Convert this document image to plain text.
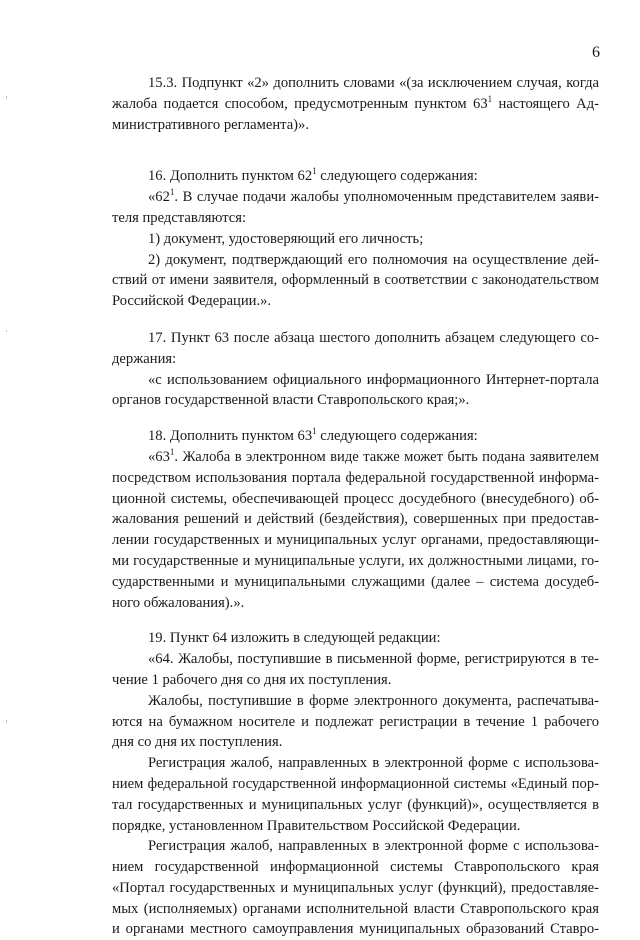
6
15.3. Подпункт «2» дополнить словами «(за исключением случая, когда
жалоба подается способом, предусмотренным пунктом $63^1$ настоящего Ад-
министративного регламента)».
16. Дополнить пунктом $62^1$ следующего содержания:
«$62^1$. В случае подачи жалобы уполномоченным представителем заяви-
теля представляются:
1) документ, удостоверяющий его личность;
2) документ, подтверждающий его полномочия на осуществление дей-
ствий от имени заявителя, оформленный в соответствии с законодательством
Российской Федерации.».
17. Пункт 63 после абзаца шестого дополнить абзацем следующего со-
держания:
«с использованием официального информационного Интернет-портала
органов государственной власти Ставропольского края;».
18. Дополнить пунктом $63^1$ следующего содержания:
«$63^1$. Жалоба в электронном виде также может быть подана заявителем
посредством использования портала федеральной государственной информа-
ционной системы, обеспечивающей процесс досудебного (внесудебного) об-
жалования решений и действий (бездействия), совершенных при предостав-
лении государственных и муниципальных услуг органами, предоставляющи-
ми государственные и муниципальные услуги, их должностными лицами, го-
сударственными и муниципальными служащими (далее – система досудеб-
ного обжалования).».
19. Пункт 64 изложить в следующей редакции:
«64. Жалобы, поступившие в письменной форме, регистрируются в те-
чение 1 рабочего дня со дня их поступления.
Жалобы, поступившие в форме электронного документа, распечатыва-
ются на бумажном носителе и подлежат регистрации в течение 1 рабочего
дня со дня их поступления.
Регистрация жалоб, направленных в электронной форме с использова-
нием федеральной государственной информационной системы «Единый пор-
тал государственных и муниципальных услуг (функций)», осуществляется в
порядке, установленном Правительством Российской Федерации.
Регистрация жалоб, направленных в электронной форме с использова-
нием государственной информационной системы Ставропольского края
«Портал государственных и муниципальных услуг (функций), предоставляе-
мых (исполняемых) органами исполнительной власти Ставропольского края
и органами местного самоуправления муниципальных образований Ставро-
